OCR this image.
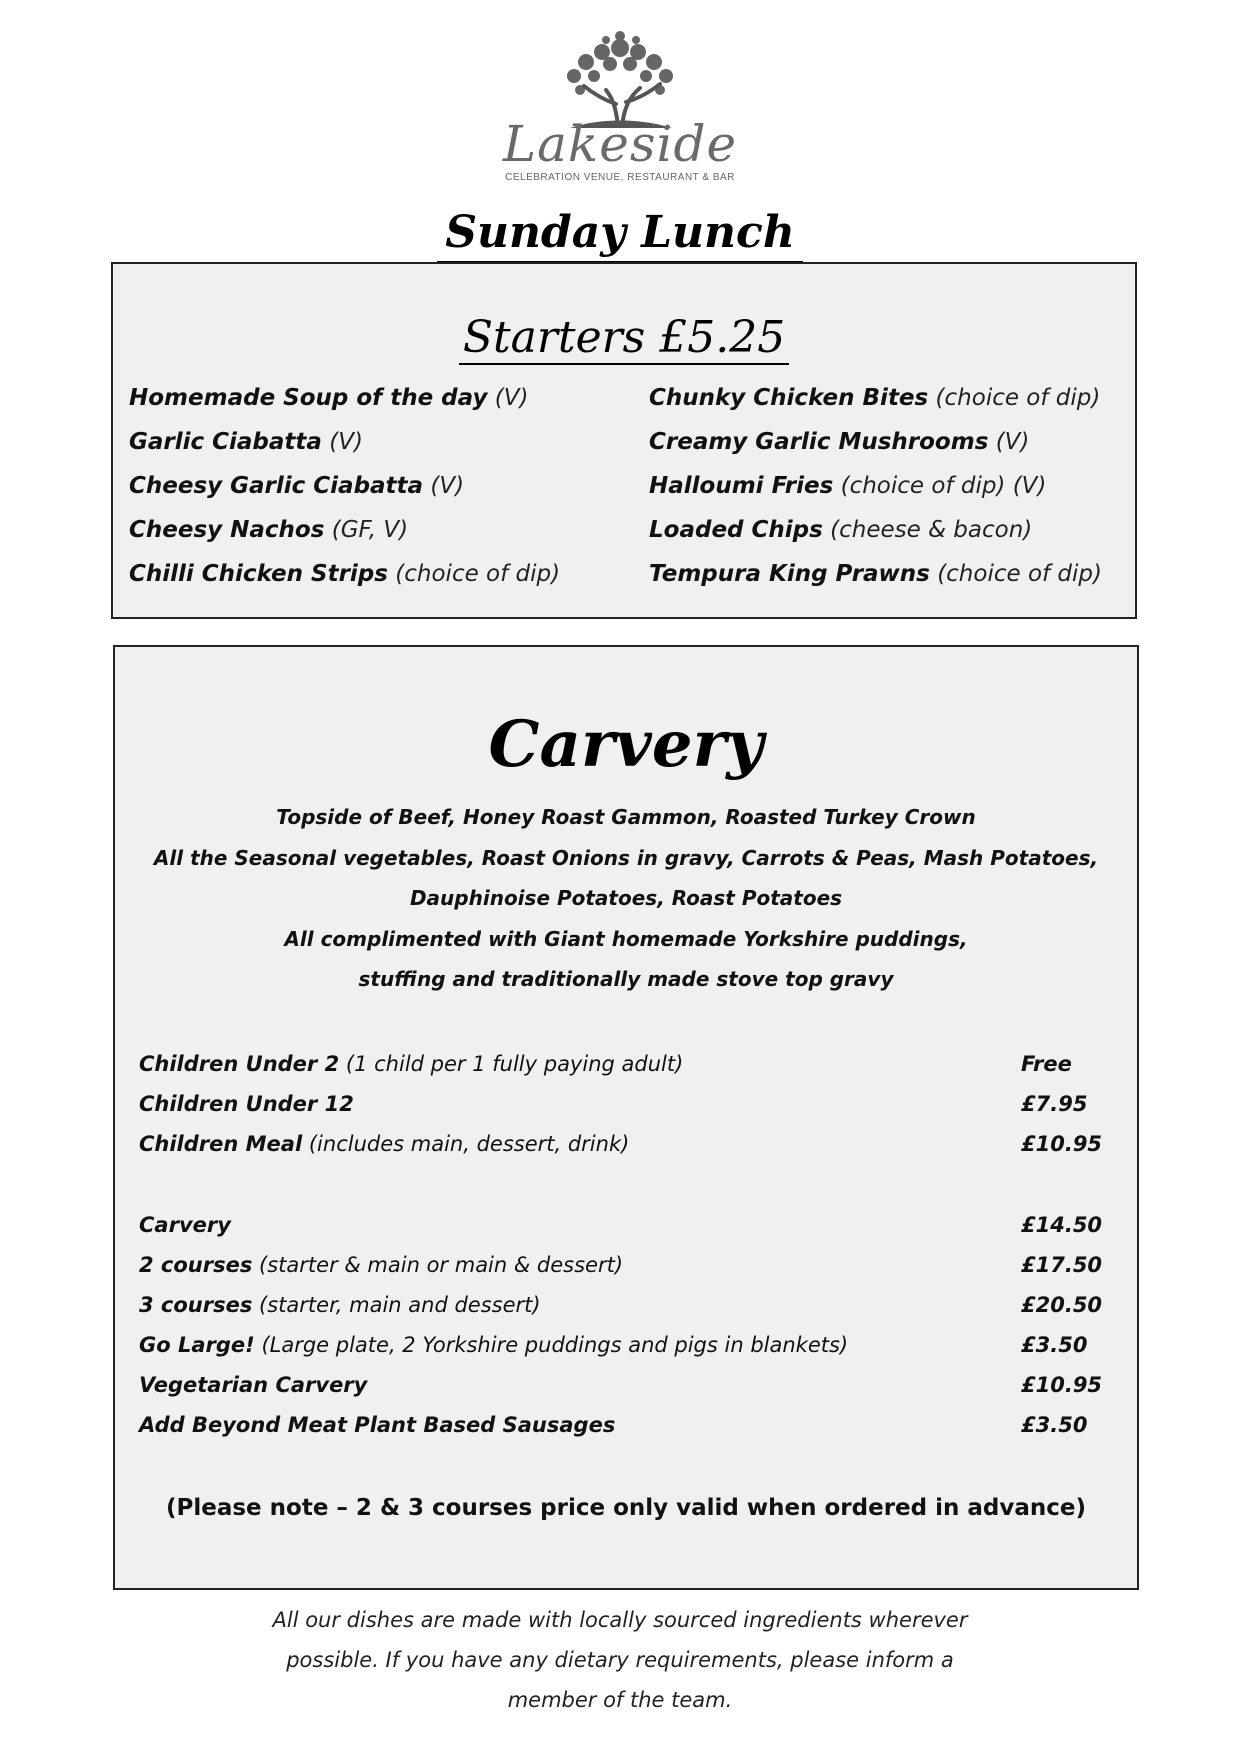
Lakeside
CELEBRATION VENUE, RESTAURANT & BAR
Sunday Lunch
Starters £5.25
Homemade Soup of the day (V)	Chunky Chicken Bites (choice of dip)
Garlic Ciabatta (V)	Creamy Garlic Mushrooms (V)
Cheesy Garlic Ciabatta (V)	Halloumi Fries (choice of dip) (V)
Cheesy Nachos (GF, V)	Loaded Chips (cheese & bacon)
Chilli Chicken Strips (choice of dip)	Tempura King Prawns (choice of dip)
Carvery
Topside of Beef, Honey Roast Gammon, Roasted Turkey Crown
All the Seasonal vegetables, Roast Onions in gravy, Carrots & Peas, Mash Potatoes,
Dauphinoise Potatoes, Roast Potatoes
All complimented with Giant homemade Yorkshire puddings,
stuffing and traditionally made stove top gravy
Children Under 2 (1 child per 1 fully paying adult)	Free
Children Under 12	£7.95
Children Meal (includes main, dessert, drink)	£10.95
Carvery	£14.50
2 courses (starter & main or main & dessert)	£17.50
3 courses (starter, main and dessert)	£20.50
Go Large! (Large plate, 2 Yorkshire puddings and pigs in blankets)	£3.50
Vegetarian Carvery	£10.95
Add Beyond Meat Plant Based Sausages	£3.50
(Please note – 2 & 3 courses price only valid when ordered in advance)
All our dishes are made with locally sourced ingredients wherever
possible. If you have any dietary requirements, please inform a
member of the team.
